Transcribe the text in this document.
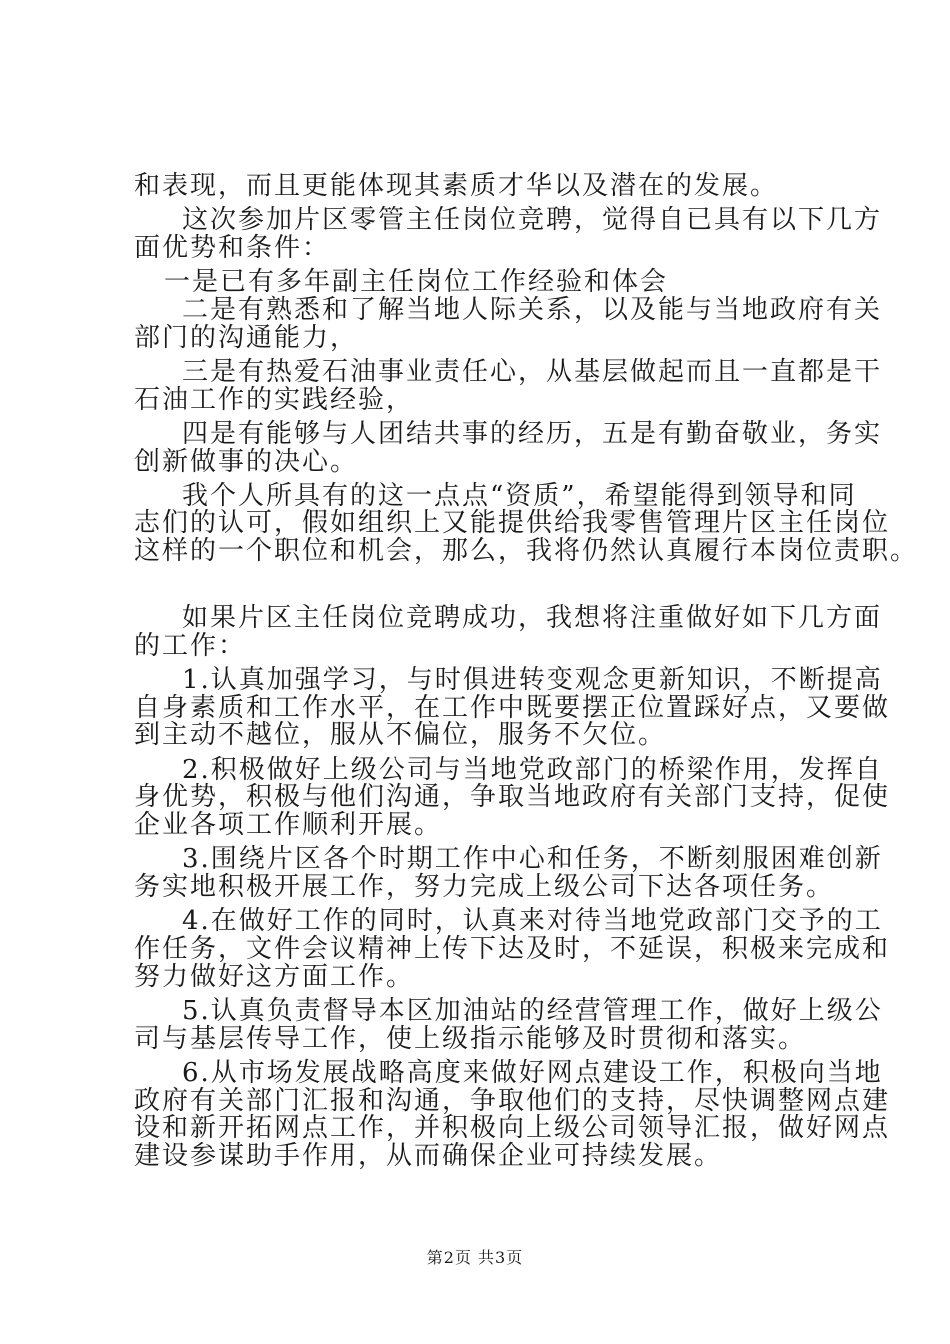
和表现，而且更能体现其素质才华以及潜在的发展。
这次参加片区零管主任岗位竞聘，觉得自已具有以下几方
面优势和条件：
一是已有多年副主任岗位工作经验和体会
二是有熟悉和了解当地人际关系，以及能与当地政府有关
部门的沟通能力，
三是有热爱石油事业责任心，从基层做起而且一直都是干
石油工作的实践经验，
四是有能够与人团结共事的经历，五是有勤奋敬业，务实
创新做事的决心。
我个人所具有的这一点点“资质”，希望能得到领导和同
志们的认可，假如组织上又能提供给我零售管理片区主任岗位
这样的一个职位和机会，那么，我将仍然认真履行本岗位责职。
如果片区主任岗位竞聘成功，我想将注重做好如下几方面
的工作：
1.认真加强学习，与时俱进转变观念更新知识，不断提高
自身素质和工作水平，在工作中既要摆正位置踩好点，又要做
到主动不越位，服从不偏位，服务不欠位。
2.积极做好上级公司与当地党政部门的桥梁作用，发挥自
身优势，积极与他们沟通，争取当地政府有关部门支持，促使
企业各项工作顺利开展。
3.围绕片区各个时期工作中心和任务，不断刻服困难创新
务实地积极开展工作，努力完成上级公司下达各项任务。
4.在做好工作的同时，认真来对待当地党政部门交予的工
作任务，文件会议精神上传下达及时，不延误，积极来完成和
努力做好这方面工作。
5.认真负责督导本区加油站的经营管理工作，做好上级公
司与基层传导工作，使上级指示能够及时贯彻和落实。
6.从市场发展战略高度来做好网点建设工作，积极向当地
政府有关部门汇报和沟通，争取他们的支持，尽快调整网点建
设和新开拓网点工作，并积极向上级公司领导汇报，做好网点
建设参谋助手作用，从而确保企业可持续发展。
第2页 共3页
